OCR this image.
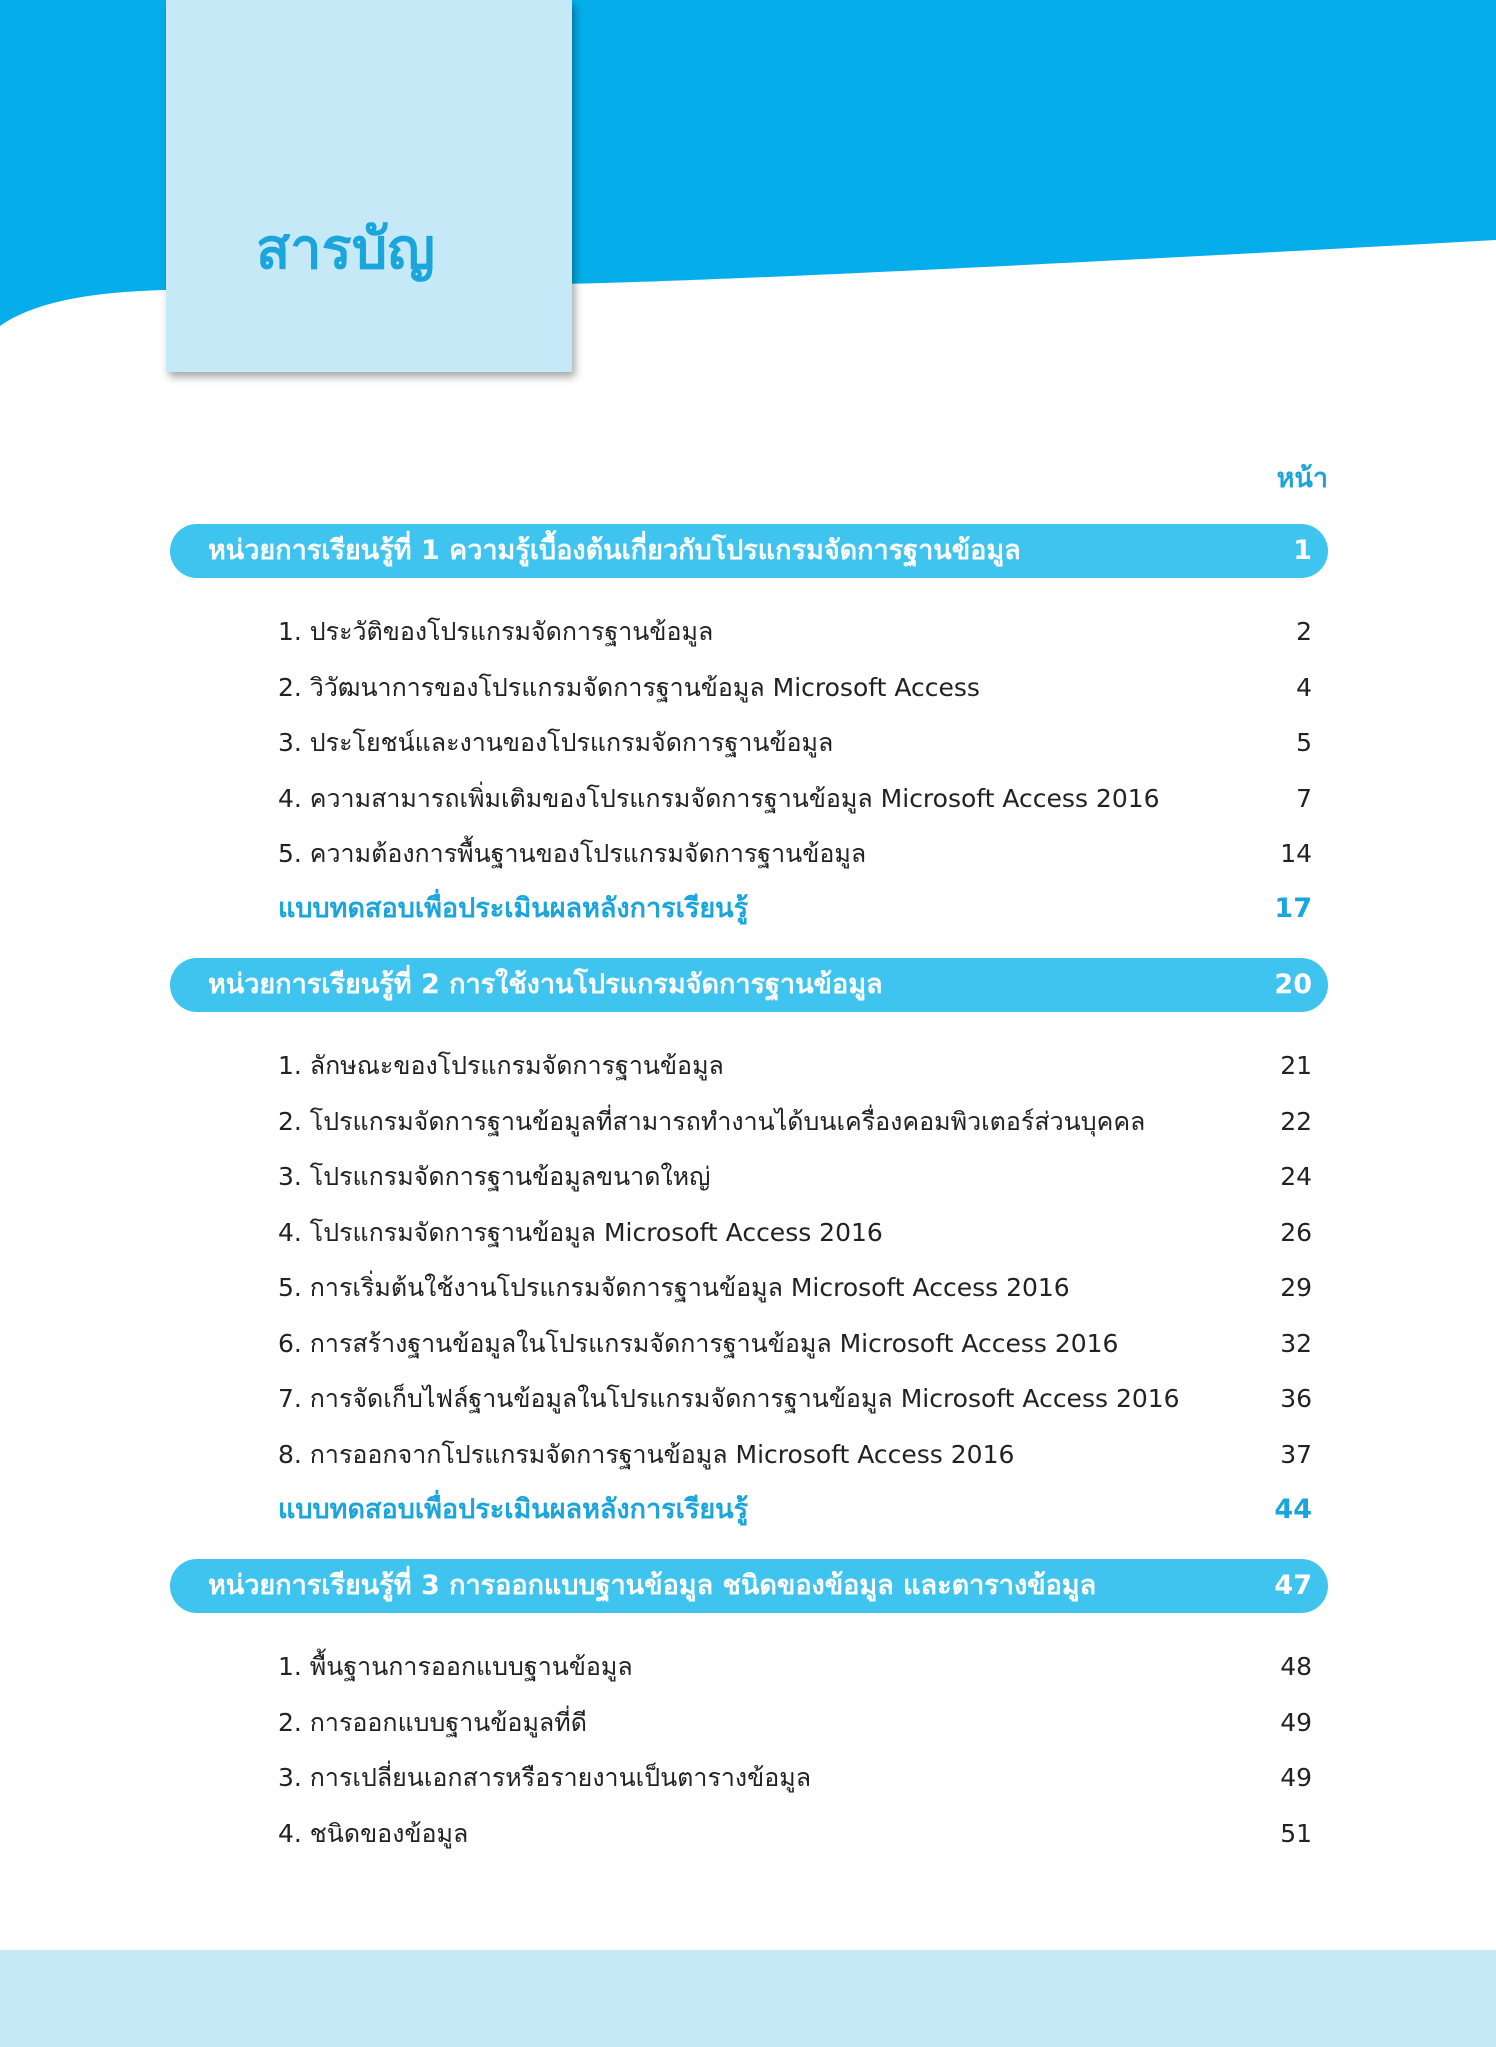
สารบัญ
หน้า
หน่วยการเรียนรู้ที่ 1 ความรู้เบื้องต้นเกี่ยวกับโปรแกรมจัดการฐานข้อมูล	1
1. ประวัติของโปรแกรมจัดการฐานข้อมูล	2
2. วิวัฒนาการของโปรแกรมจัดการฐานข้อมูล Microsoft Access	4
3. ประโยชน์และงานของโปรแกรมจัดการฐานข้อมูล	5
4. ความสามารถเพิ่มเติมของโปรแกรมจัดการฐานข้อมูล Microsoft Access 2016	7
5. ความต้องการพื้นฐานของโปรแกรมจัดการฐานข้อมูล	14
แบบทดสอบเพื่อประเมินผลหลังการเรียนรู้	17
หน่วยการเรียนรู้ที่ 2 การใช้งานโปรแกรมจัดการฐานข้อมูล	20
1. ลักษณะของโปรแกรมจัดการฐานข้อมูล	21
2. โปรแกรมจัดการฐานข้อมูลที่สามารถทำงานได้บนเครื่องคอมพิวเตอร์ส่วนบุคคล	22
3. โปรแกรมจัดการฐานข้อมูลขนาดใหญ่	24
4. โปรแกรมจัดการฐานข้อมูล Microsoft Access 2016	26
5. การเริ่มต้นใช้งานโปรแกรมจัดการฐานข้อมูล Microsoft Access 2016	29
6. การสร้างฐานข้อมูลในโปรแกรมจัดการฐานข้อมูล Microsoft Access 2016	32
7. การจัดเก็บไฟล์ฐานข้อมูลในโปรแกรมจัดการฐานข้อมูล Microsoft Access 2016	36
8. การออกจากโปรแกรมจัดการฐานข้อมูล Microsoft Access 2016	37
แบบทดสอบเพื่อประเมินผลหลังการเรียนรู้	44
หน่วยการเรียนรู้ที่ 3 การออกแบบฐานข้อมูล ชนิดของข้อมูล และตารางข้อมูล	47
1. พื้นฐานการออกแบบฐานข้อมูล	48
2. การออกแบบฐานข้อมูลที่ดี	49
3. การเปลี่ยนเอกสารหรือรายงานเป็นตารางข้อมูล	49
4. ชนิดของข้อมูล	51
